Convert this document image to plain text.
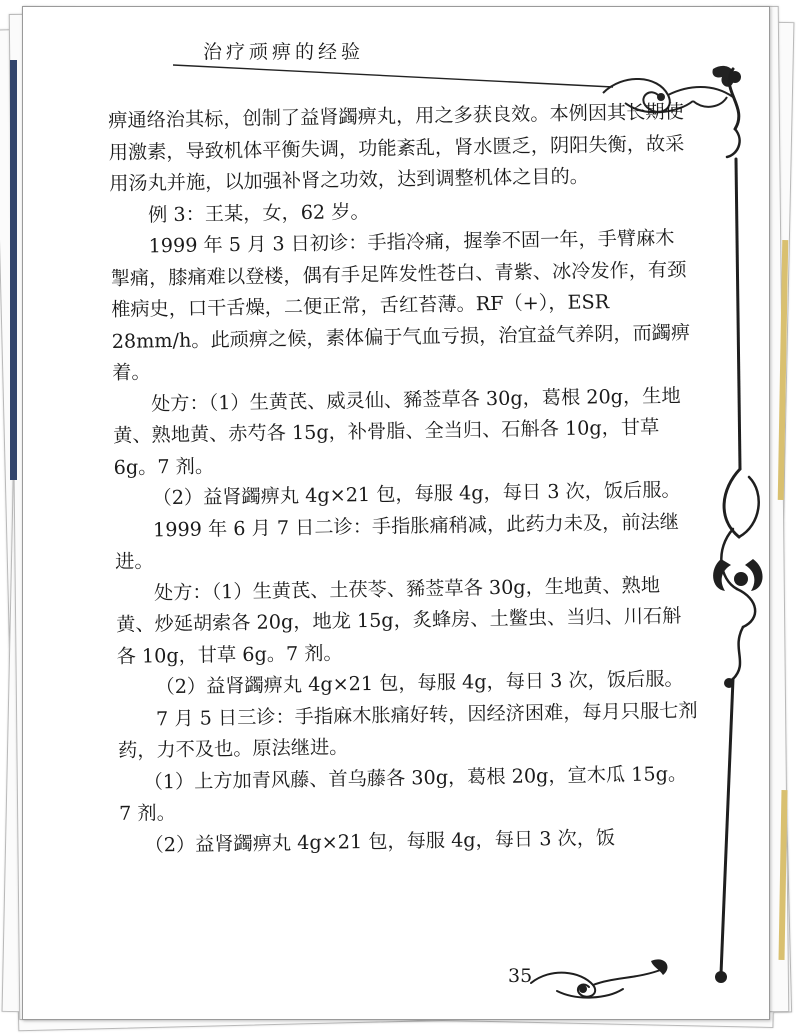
治疗顽痹的经验

痹通络治其标，创制了益肾蠲痹丸，用之多获良效。本例因其长期使用激素，导致机体平衡失调，功能紊乱，肾水匮乏，阴阳失衡，故采用汤丸并施，以加强补肾之功效，达到调整机体之目的。

例 3：王某，女，62 岁。

1999 年 5 月 3 日初诊：手指冷痛，握拳不固一年，手臂麻木掣痛，膝痛难以登楼，偶有手足阵发性苍白、青紫、冰冷发作，有颈椎病史，口干舌燥，二便正常，舌红苔薄。RF（+），ESR 28mm/h。此顽痹之候，素体偏于气血亏损，治宜益气养阴，而蠲痹着。

处方：（1）生黄芪、威灵仙、豨莶草各 30g，葛根 20g，生地黄、熟地黄、赤芍各 15g，补骨脂、全当归、石斛各 10g，甘草 6g。7 剂。

（2）益肾蠲痹丸 4g×21 包，每服 4g，每日 3 次，饭后服。

1999 年 6 月 7 日二诊：手指胀痛稍减，此药力未及，前法继进。

处方：（1）生黄芪、土茯苓、豨莶草各 30g，生地黄、熟地黄、炒延胡索各 20g，地龙 15g，炙蜂房、土鳖虫、当归、川石斛各 10g，甘草 6g。7 剂。

（2）益肾蠲痹丸 4g×21 包，每服 4g，每日 3 次，饭后服。

7 月 5 日三诊：手指麻木胀痛好转，因经济困难，每月只服七剂药，力不及也。原法继进。

（1）上方加青风藤、首乌藤各 30g，葛根 20g，宣木瓜 15g。7 剂。

（2）益肾蠲痹丸 4g×21 包，每服 4g，每日 3 次，饭

35
